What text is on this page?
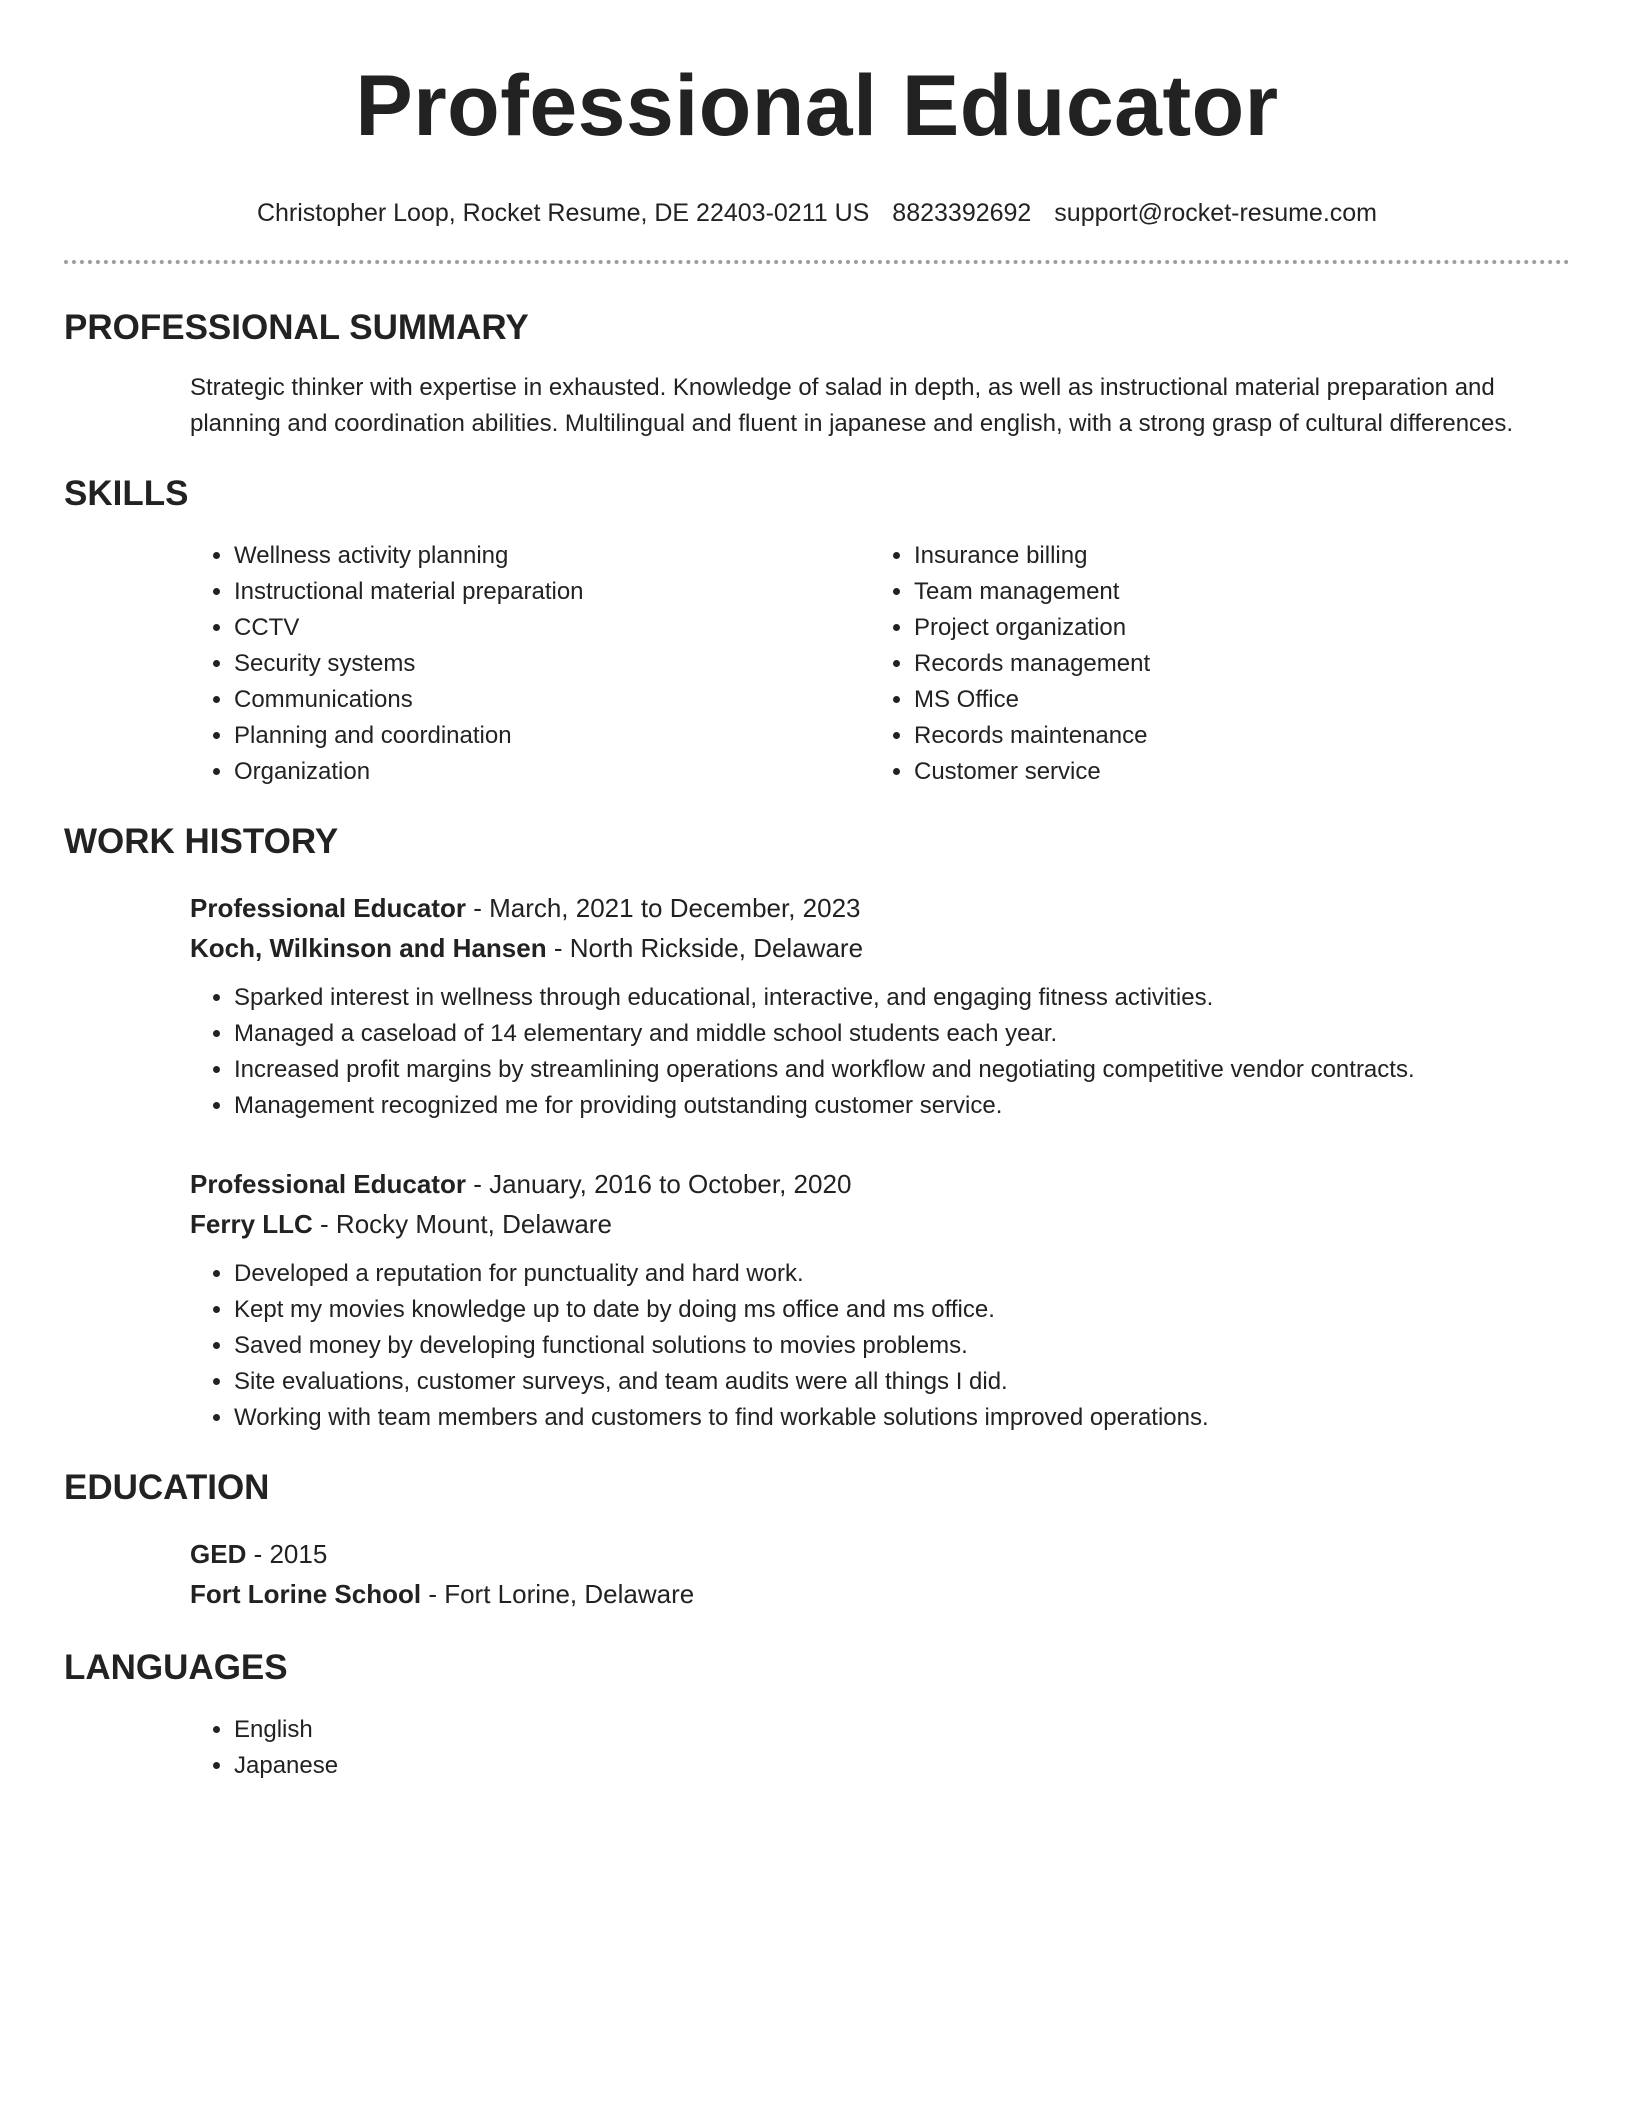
Professional Educator
Christopher Loop, Rocket Resume, DE 22403-0211 US 8823392692 support@rocket-resume.com
PROFESSIONAL SUMMARY
Strategic thinker with expertise in exhausted. Knowledge of salad in depth, as well as instructional material preparation and planning and coordination abilities. Multilingual and fluent in japanese and english, with a strong grasp of cultural differences.
SKILLS
• Wellness activity planning
• Instructional material preparation
• CCTV
• Security systems
• Communications
• Planning and coordination
• Organization
• Insurance billing
• Team management
• Project organization
• Records management
• MS Office
• Records maintenance
• Customer service
WORK HISTORY
Professional Educator - March, 2021 to December, 2023
Koch, Wilkinson and Hansen - North Rickside, Delaware
• Sparked interest in wellness through educational, interactive, and engaging fitness activities.
• Managed a caseload of 14 elementary and middle school students each year.
• Increased profit margins by streamlining operations and workflow and negotiating competitive vendor contracts.
• Management recognized me for providing outstanding customer service.
Professional Educator - January, 2016 to October, 2020
Ferry LLC - Rocky Mount, Delaware
• Developed a reputation for punctuality and hard work.
• Kept my movies knowledge up to date by doing ms office and ms office.
• Saved money by developing functional solutions to movies problems.
• Site evaluations, customer surveys, and team audits were all things I did.
• Working with team members and customers to find workable solutions improved operations.
EDUCATION
GED - 2015
Fort Lorine School - Fort Lorine, Delaware
LANGUAGES
• English
• Japanese
